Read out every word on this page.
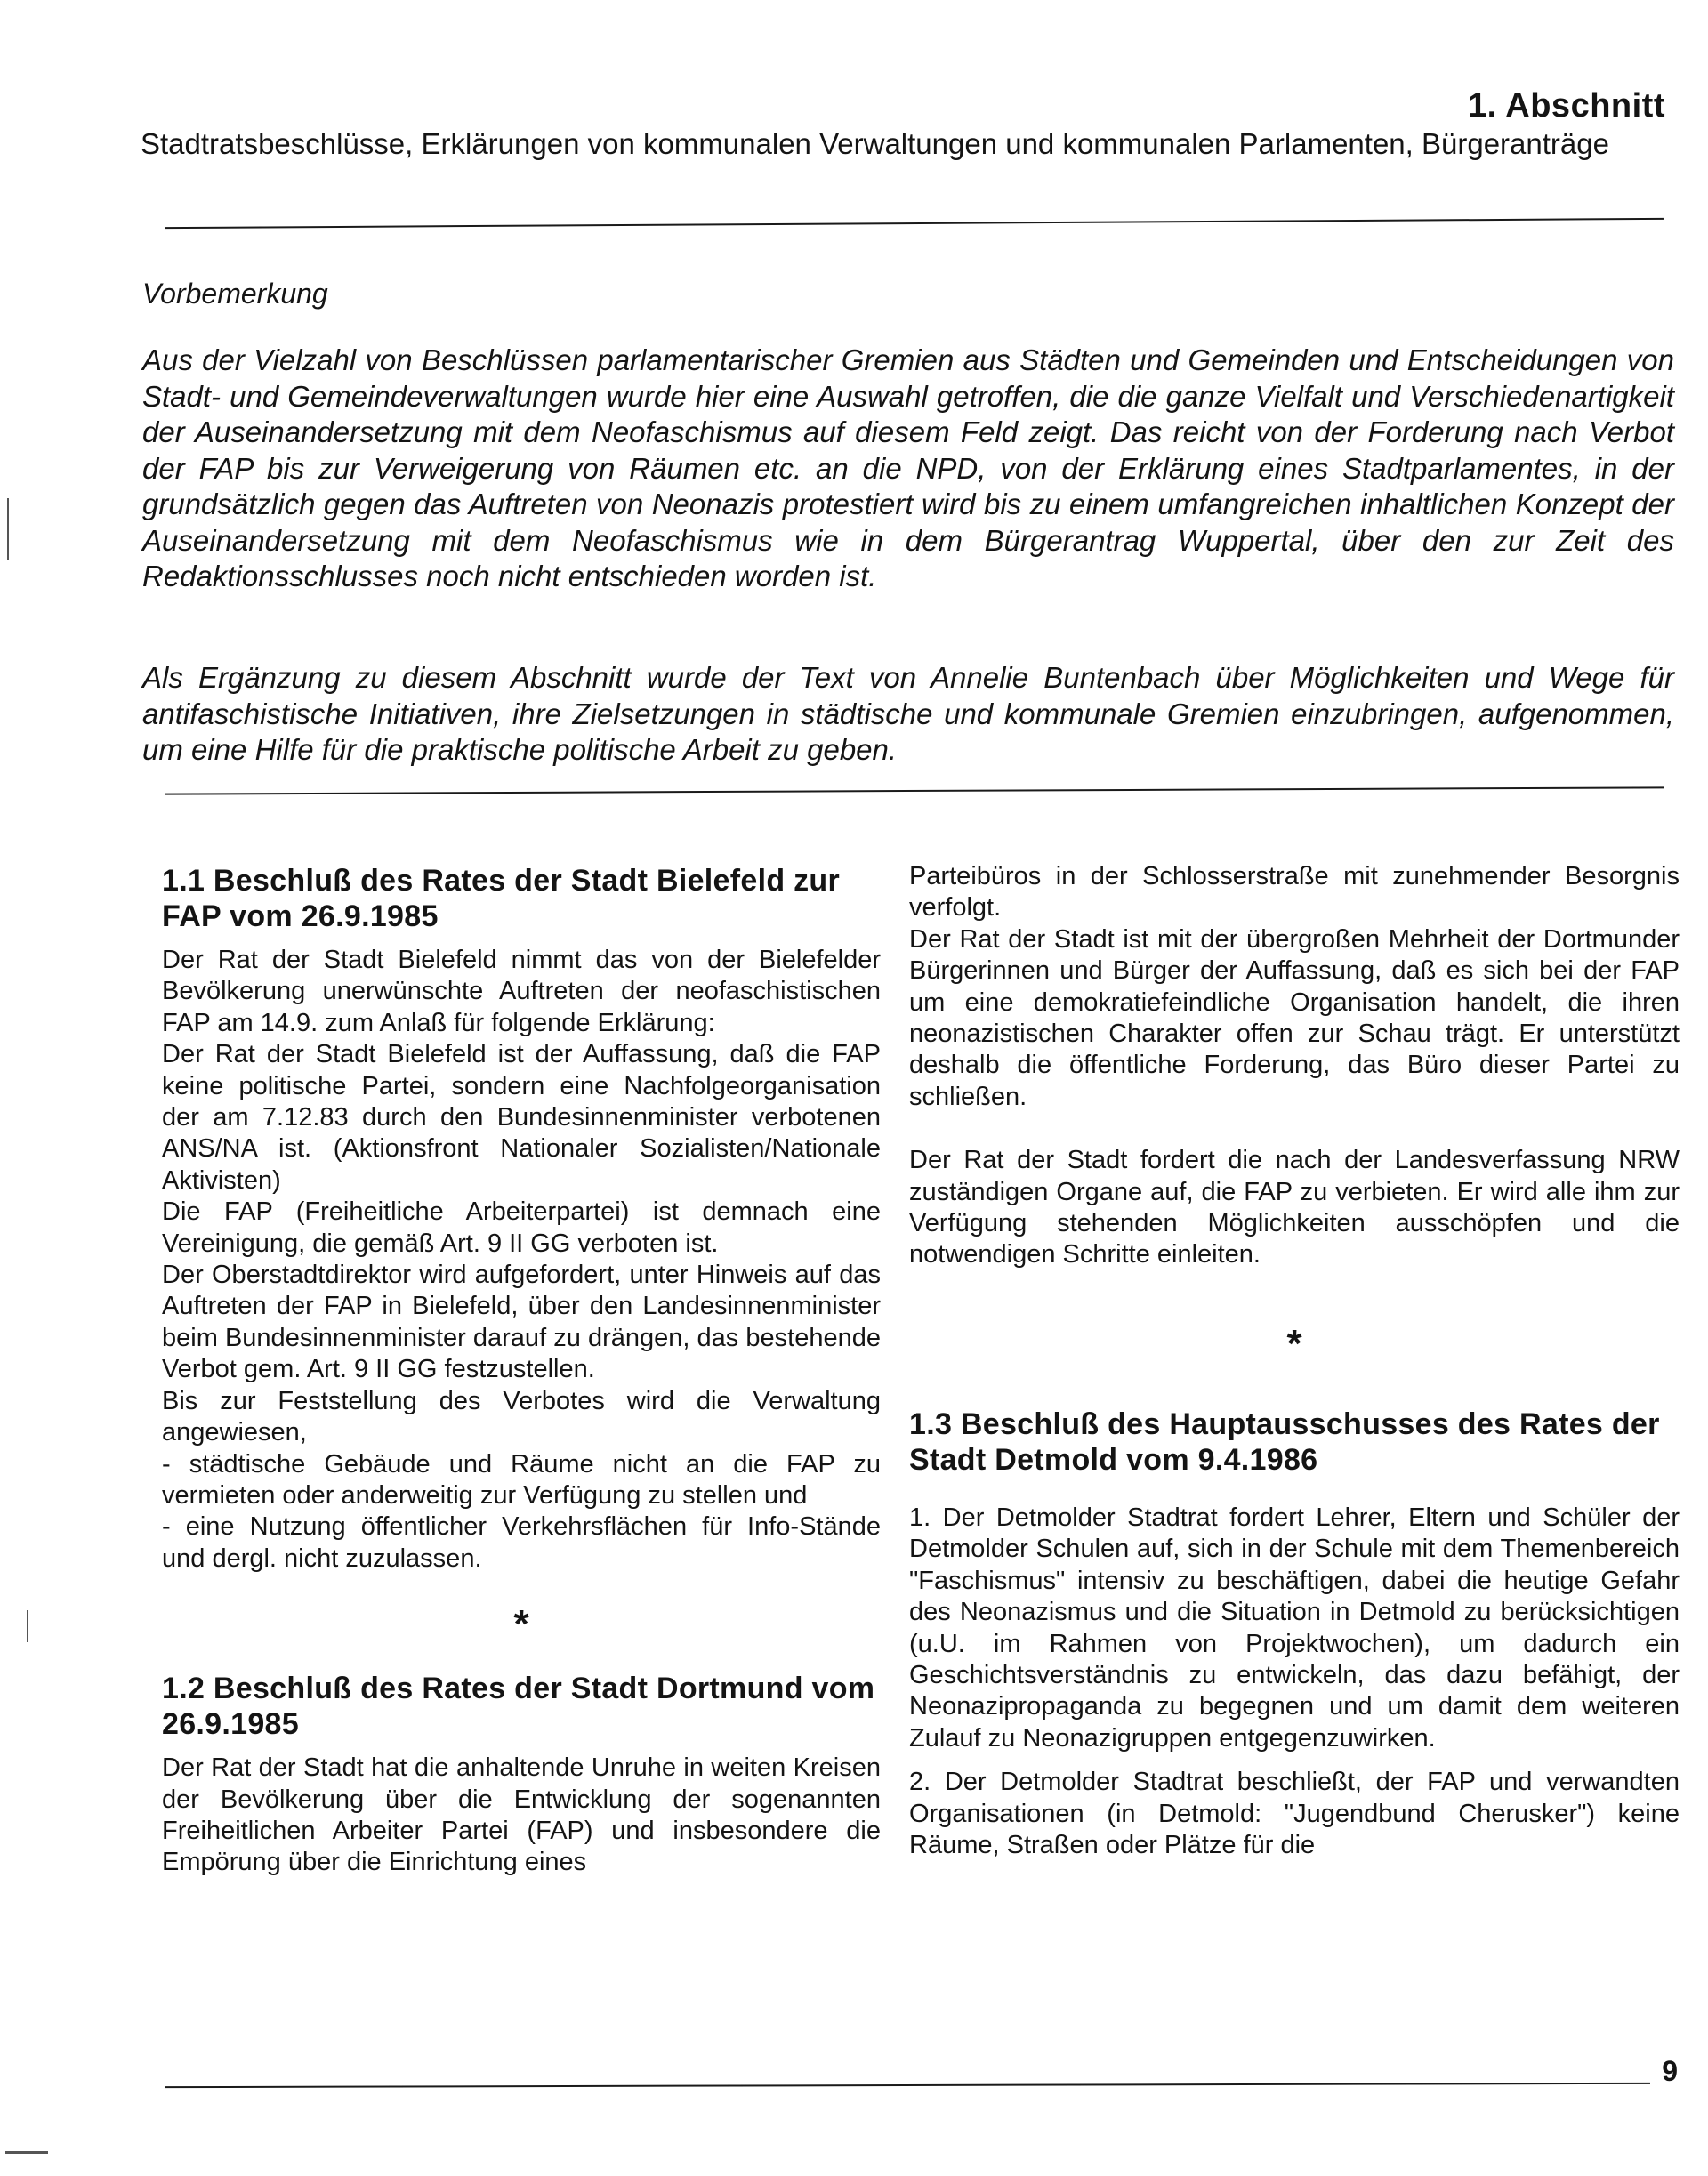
1. Abschnitt
Stadtratsbeschlüsse, Erklärungen von kommunalen Verwaltungen und kommunalen Parlamenten, Bürgeranträge
Vorbemerkung
Aus der Vielzahl von Beschlüssen parlamentarischer Gremien aus Städten und Gemeinden und Entscheidungen von Stadt- und Gemeindeverwaltungen wurde hier eine Auswahl getroffen, die die ganze Vielfalt und Verschiedenartigkeit der Auseinandersetzung mit dem Neofaschismus auf diesem Feld zeigt. Das reicht von der Forderung nach Verbot der FAP bis zur Verweigerung von Räumen etc. an die NPD, von der Erklärung eines Stadtparlamentes, in der grundsätzlich gegen das Auftreten von Neonazis protestiert wird bis zu einem umfangreichen inhaltlichen Konzept der Auseinandersetzung mit dem Neofaschismus wie in dem Bürgerantrag Wuppertal, über den zur Zeit des Redaktionsschlusses noch nicht entschieden worden ist.
Als Ergänzung zu diesem Abschnitt wurde der Text von Annelie Buntenbach über Möglichkeiten und Wege für antifaschistische Initiativen, ihre Zielsetzungen in städtische und kommunale Gremien einzubringen, aufgenommen, um eine Hilfe für die praktische politische Arbeit zu geben.
1.1 Beschluß des Rates der Stadt Bielefeld zur FAP vom 26.9.1985

Der Rat der Stadt Bielefeld nimmt das von der Bielefelder Bevölkerung unerwünschte Auftreten der neofaschistischen FAP am 14.9. zum Anlaß für folgende Erklärung:

Der Rat der Stadt Bielefeld ist der Auffassung, daß die FAP keine politische Partei, sondern eine Nachfolgeorganisation der am 7.12.83 durch den Bundesinnenminister verbotenen ANS/NA ist. (Aktionsfront Nationaler Sozialisten/Nationale Aktivisten)

Die FAP (Freiheitliche Arbeiterpartei) ist demnach eine Vereinigung, die gemäß Art. 9 II GG verboten ist.

Der Oberstadtdirektor wird aufgefordert, unter Hinweis auf das Auftreten der FAP in Bielefeld, über den Landesinnenminister beim Bundesinnenminister darauf zu drängen, das bestehende Verbot gem. Art. 9 II GG festzustellen.

Bis zur Feststellung des Verbotes wird die Verwaltung angewiesen,

- städtische Gebäude und Räume nicht an die FAP zu vermieten oder anderweitig zur Verfügung zu stellen und

- eine Nutzung öffentlicher Verkehrsflächen für Info-Stände und dergl. nicht zuzulassen.

*
1.2 Beschluß des Rates der Stadt Dortmund vom 26.9.1985

Der Rat der Stadt hat die anhaltende Unruhe in weiten Kreisen der Bevölkerung über die Entwicklung der sogenannten Freiheitlichen Arbeiter Partei (FAP) und insbesondere die Empörung über die Einrichtung eines

Parteibüros in der Schlosserstraße mit zunehmender Besorgnis verfolgt.

Der Rat der Stadt ist mit der übergroßen Mehrheit der Dortmunder Bürgerinnen und Bürger der Auffassung, daß es sich bei der FAP um eine demokratiefeindliche Organisation handelt, die ihren neonazistischen Charakter offen zur Schau trägt. Er unterstützt deshalb die öffentliche Forderung, das Büro dieser Partei zu schließen.

Der Rat der Stadt fordert die nach der Landesverfassung NRW zuständigen Organe auf, die FAP zu verbieten. Er wird alle ihm zur Verfügung stehenden Möglichkeiten ausschöpfen und die notwendigen Schritte einleiten.

*
1.3 Beschluß des Hauptausschusses des Rates der Stadt Detmold vom 9.4.1986

1. Der Detmolder Stadtrat fordert Lehrer, Eltern und Schüler der Detmolder Schulen auf, sich in der Schule mit dem Themenbereich "Faschismus" intensiv zu beschäftigen, dabei die heutige Gefahr des Neonazismus und die Situation in Detmold zu berücksichtigen (u.U. im Rahmen von Projektwochen), um dadurch ein Geschichtsverständnis zu entwickeln, das dazu befähigt, der Neonazipropaganda zu begegnen und um damit dem weiteren Zulauf zu Neonazigruppen entgegenzuwirken.

2. Der Detmolder Stadtrat beschließt, der FAP und verwandten Organisationen (in Detmold: "Jugendbund Cherusker") keine Räume, Straßen oder Plätze für die

9
